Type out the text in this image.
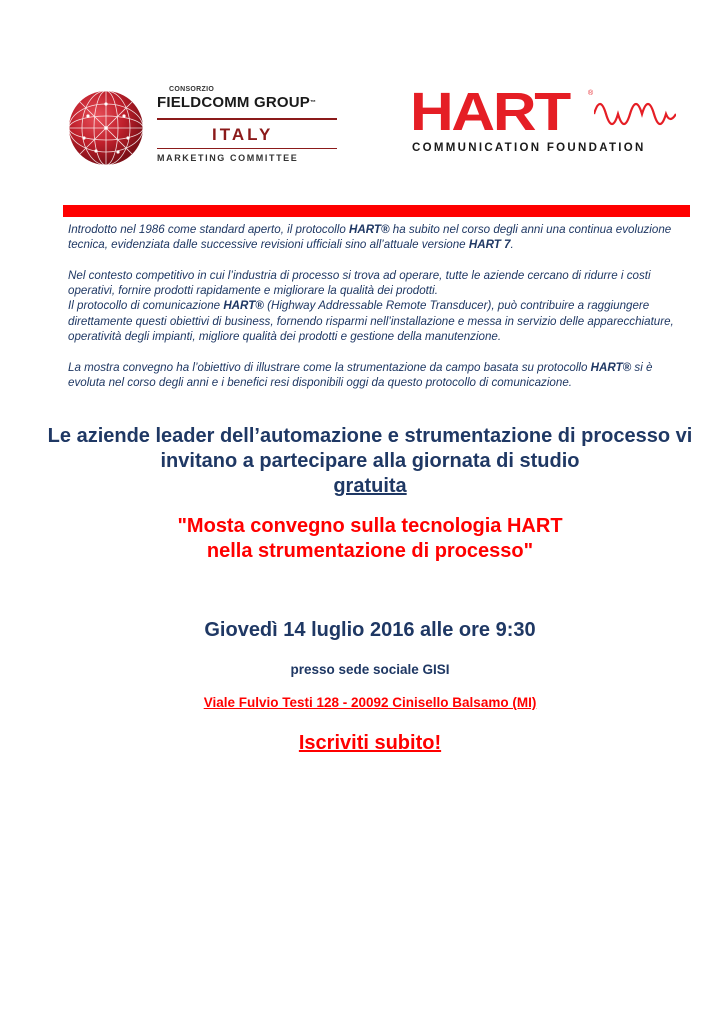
CONSORZIO
FIELDCOMM GROUP™
ITALY
MARKETING COMMITTEE
HART	®
COMMUNICATION FOUNDATION

Introdotto nel 1986 come standard aperto, il protocollo HART® ha subito nel corso degli anni una continua evoluzione tecnica, evidenziata dalle successive revisioni ufficiali sino all’attuale versione HART 7.

Nel contesto competitivo in cui l’industria di processo si trova ad operare, tutte le aziende cercano di ridurre i costi operativi, fornire prodotti rapidamente e migliorare la qualità dei prodotti.

Il protocollo di comunicazione HART® (Highway Addressable Remote Transducer), può contribuire a raggiungere direttamente questi obiettivi di business, fornendo risparmi nell’installazione e messa in servizio delle apparecchiature, operatività degli impianti, migliore qualità dei prodotti e gestione della manutenzione.

La mostra convegno ha l’obiettivo di illustrare come la strumentazione da campo basata su protocollo HART® si è evoluta nel corso degli anni e i benefici resi disponibili oggi da questo protocollo di comunicazione.

Le aziende leader dell’automazione e strumentazione di processo vi invitano a partecipare alla giornata di studio
gratuita
"Mosta convegno sulla tecnologia HART
nella strumentazione di processo"
Giovedì 14 luglio 2016 alle ore 9:30
presso sede sociale GISI
Viale Fulvio Testi 128 - 20092 Cinisello Balsamo (MI)
Iscriviti subito!
